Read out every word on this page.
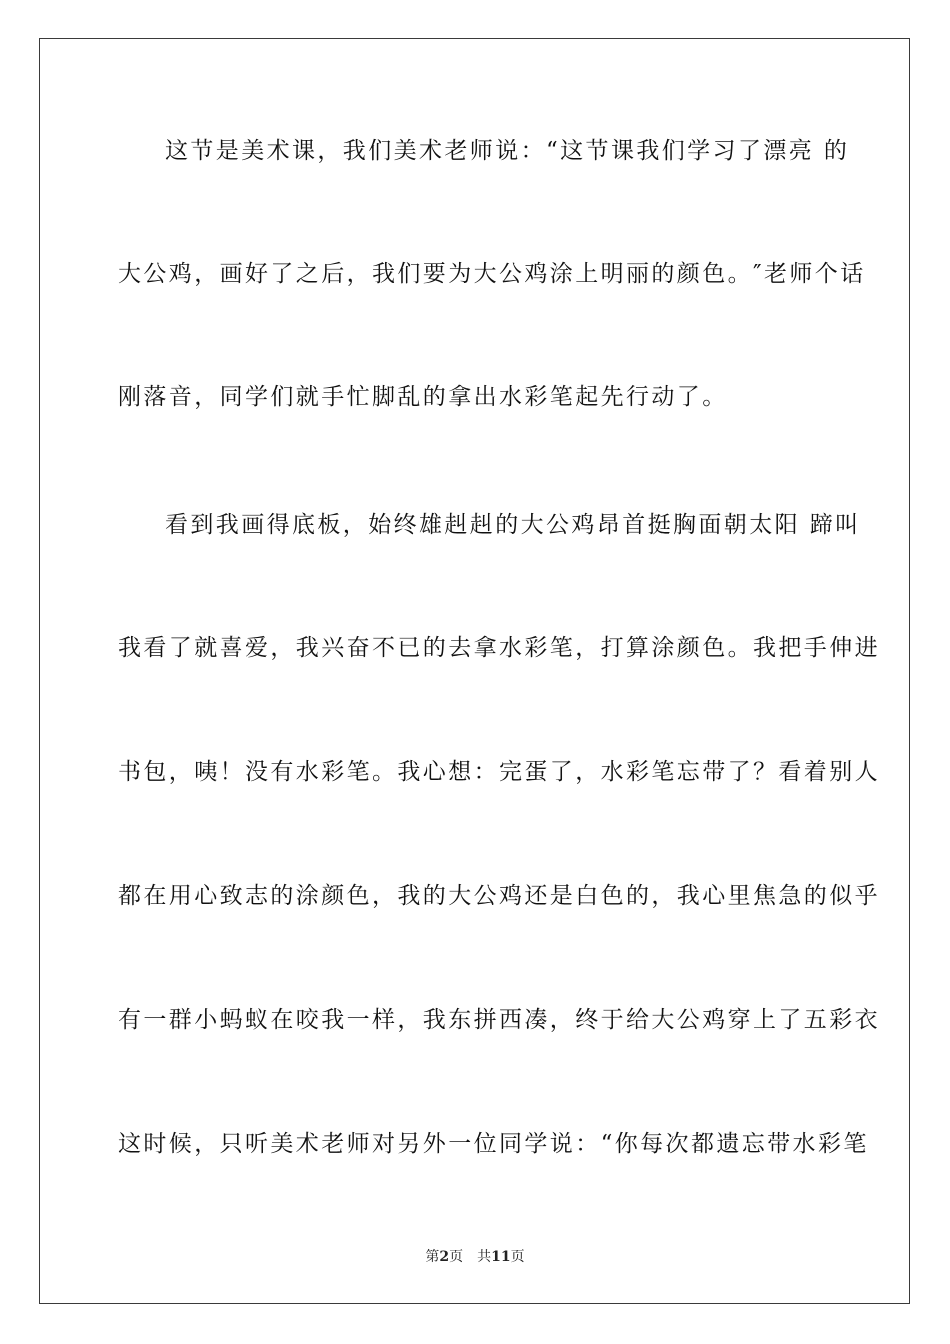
这节是美术课，我们美术老师说：“这节课我们学习了漂亮 的
大公鸡，画好了之后，我们要为大公鸡涂上明丽的颜色。″老师个话
刚落音，同学们就手忙脚乱的拿出水彩笔起先行动了。
看到我画得底板，始终雄赳赳的大公鸡昂首挺胸面朝太阳 蹄叫
我看了就喜爱，我兴奋不已的去拿水彩笔，打算涂颜色。我把手伸进
书包，咦！没有水彩笔。我心想：完蛋了，水彩笔忘带了？看着别人
都在用心致志的涂颜色，我的大公鸡还是白色的，我心里焦急的似乎
有一群小蚂蚁在咬我一样，我东拼西凑，终于给大公鸡穿上了五彩衣
这时候，只听美术老师对另外一位同学说：“你每次都遗忘带水彩笔
第2页 共11页
